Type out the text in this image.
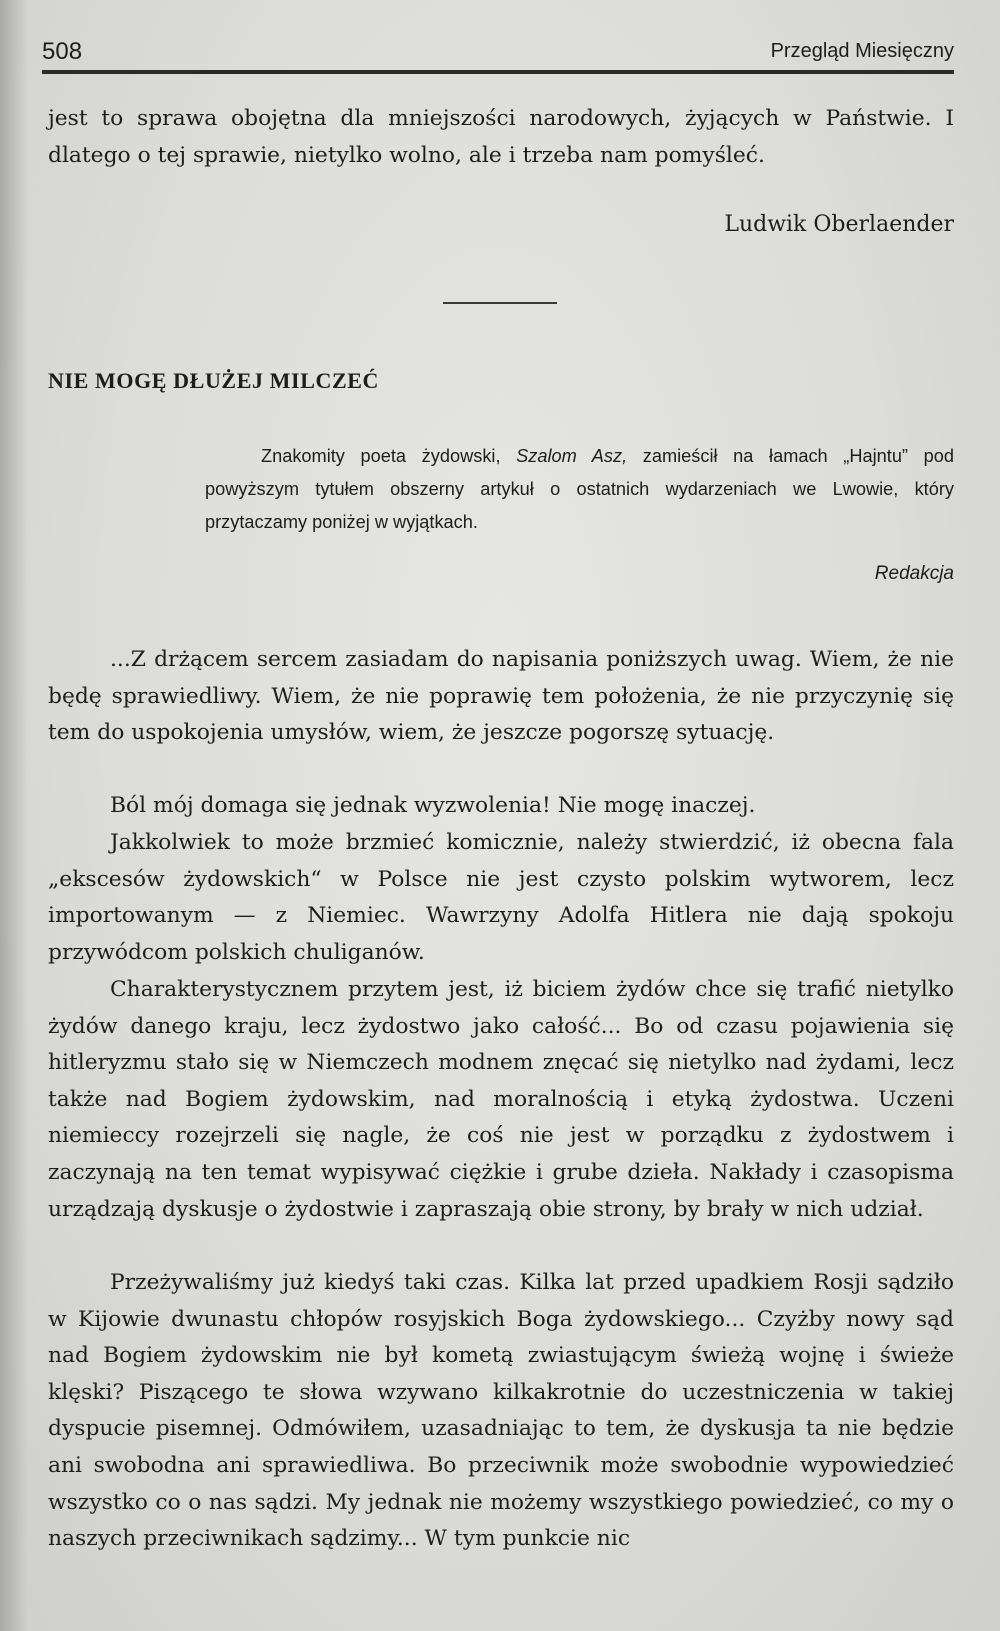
508	Przegląd Miesięczny

jest to sprawa obojętna dla mniejszości narodowych, żyjących w Państwie. I dlatego o tej sprawie, nietylko wolno, ale i trzeba nam pomyśleć.

Ludwik Oberlaender
NIE MOGĘ DŁUŻEJ MILCZEĆ

Znakomity poeta żydowski, Szalom Asz, zamieścił na łamach „Hajntu” pod powyższym tytułem obszerny artykuł o ostatnich wydarzeniach we Lwowie, który przytaczamy poniżej w wyjątkach.

Redakcja

...Z drżącem sercem zasiadam do napisania poniższych uwag. Wiem, że nie będę sprawiedliwy. Wiem, że nie poprawię tem położenia, że nie przyczynię się tem do uspokojenia umysłów, wiem, że jeszcze pogorszę sytuację.

Ból mój domaga się jednak wyzwolenia! Nie mogę inaczej.

Jakkolwiek to może brzmieć komicznie, należy stwierdzić, iż obecna fala „ekscesów żydowskich“ w Polsce nie jest czysto polskim wytworem, lecz importowanym — z Niemiec. Wawrzyny Adolfa Hitlera nie dają spokoju przywódcom polskich chuliganów.

Charakterystycznem przytem jest, iż biciem żydów chce się trafić nietylko żydów danego kraju, lecz żydostwo jako całość... Bo od czasu pojawienia się hitleryzmu stało się w Niemczech modnem znęcać się nietylko nad żydami, lecz także nad Bogiem żydowskim, nad moralnością i etyką żydostwa. Uczeni niemieccy rozejrzeli się nagle, że coś nie jest w porządku z żydostwem i zaczynają na ten temat wypisywać ciężkie i grube dzieła. Nakłady i czasopisma urządzają dyskusje o żydostwie i zapraszają obie strony, by brały w nich udział.

Przeżywaliśmy już kiedyś taki czas. Kilka lat przed upadkiem Rosji sądziło w Kijowie dwunastu chłopów rosyjskich Boga żydowskiego... Czyżby nowy sąd nad Bogiem żydowskim nie był kometą zwiastującym świeżą wojnę i świeże klęski? Piszącego te słowa wzywano kilkakrotnie do uczestniczenia w takiej dyspucie pisemnej. Odmówiłem, uzasadniając to tem, że dyskusja ta nie będzie ani swobodna ani sprawiedliwa. Bo przeciwnik może swobodnie wypowiedzieć wszystko co o nas sądzi. My jednak nie możemy wszystkiego powiedzieć, co my o naszych przeciwnikach sądzimy... W tym punkcie nic
